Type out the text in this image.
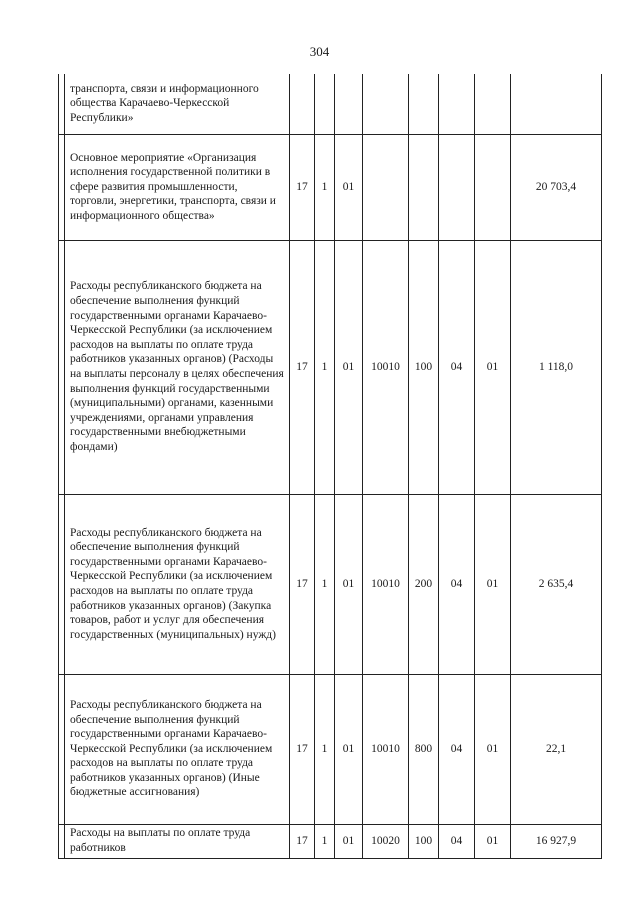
304
	транспорта, связи и информационного общества Карачаево-Черкесской Республики»								
	Основное мероприятие «Организация исполнения государственной политики в сфере развития промышленности, торговли, энергетики, транспорта, связи и информационного общества»	17	1	01					20 703,4
	Расходы республиканского бюджета на обеспечение выполнения функций государственными органами Карачаево-Черкесской Республики (за исключением расходов на выплаты по оплате труда работников указанных органов) (Расходы на выплаты персоналу в целях обеспечения выполнения функций государственными (муниципальными) органами, казенными учреждениями, органами управления государственными внебюджетными фондами)	17	1	01	10010	100	04	01	1 118,0
	Расходы республиканского бюджета на обеспечение выполнения функций государственными органами Карачаево-Черкесской Республики (за исключением расходов на выплаты по оплате труда работников указанных органов) (Закупка товаров, работ и услуг для обеспечения государственных (муниципальных) нужд)	17	1	01	10010	200	04	01	2 635,4
	Расходы республиканского бюджета на обеспечение выполнения функций государственными органами Карачаево-Черкесской Республики (за исключением расходов на выплаты по оплате труда работников указанных органов) (Иные бюджетные ассигнования)	17	1	01	10010	800	04	01	22,1
	Расходы на выплаты по оплате труда работников	17	1	01	10020	100	04	01	16 927,9
